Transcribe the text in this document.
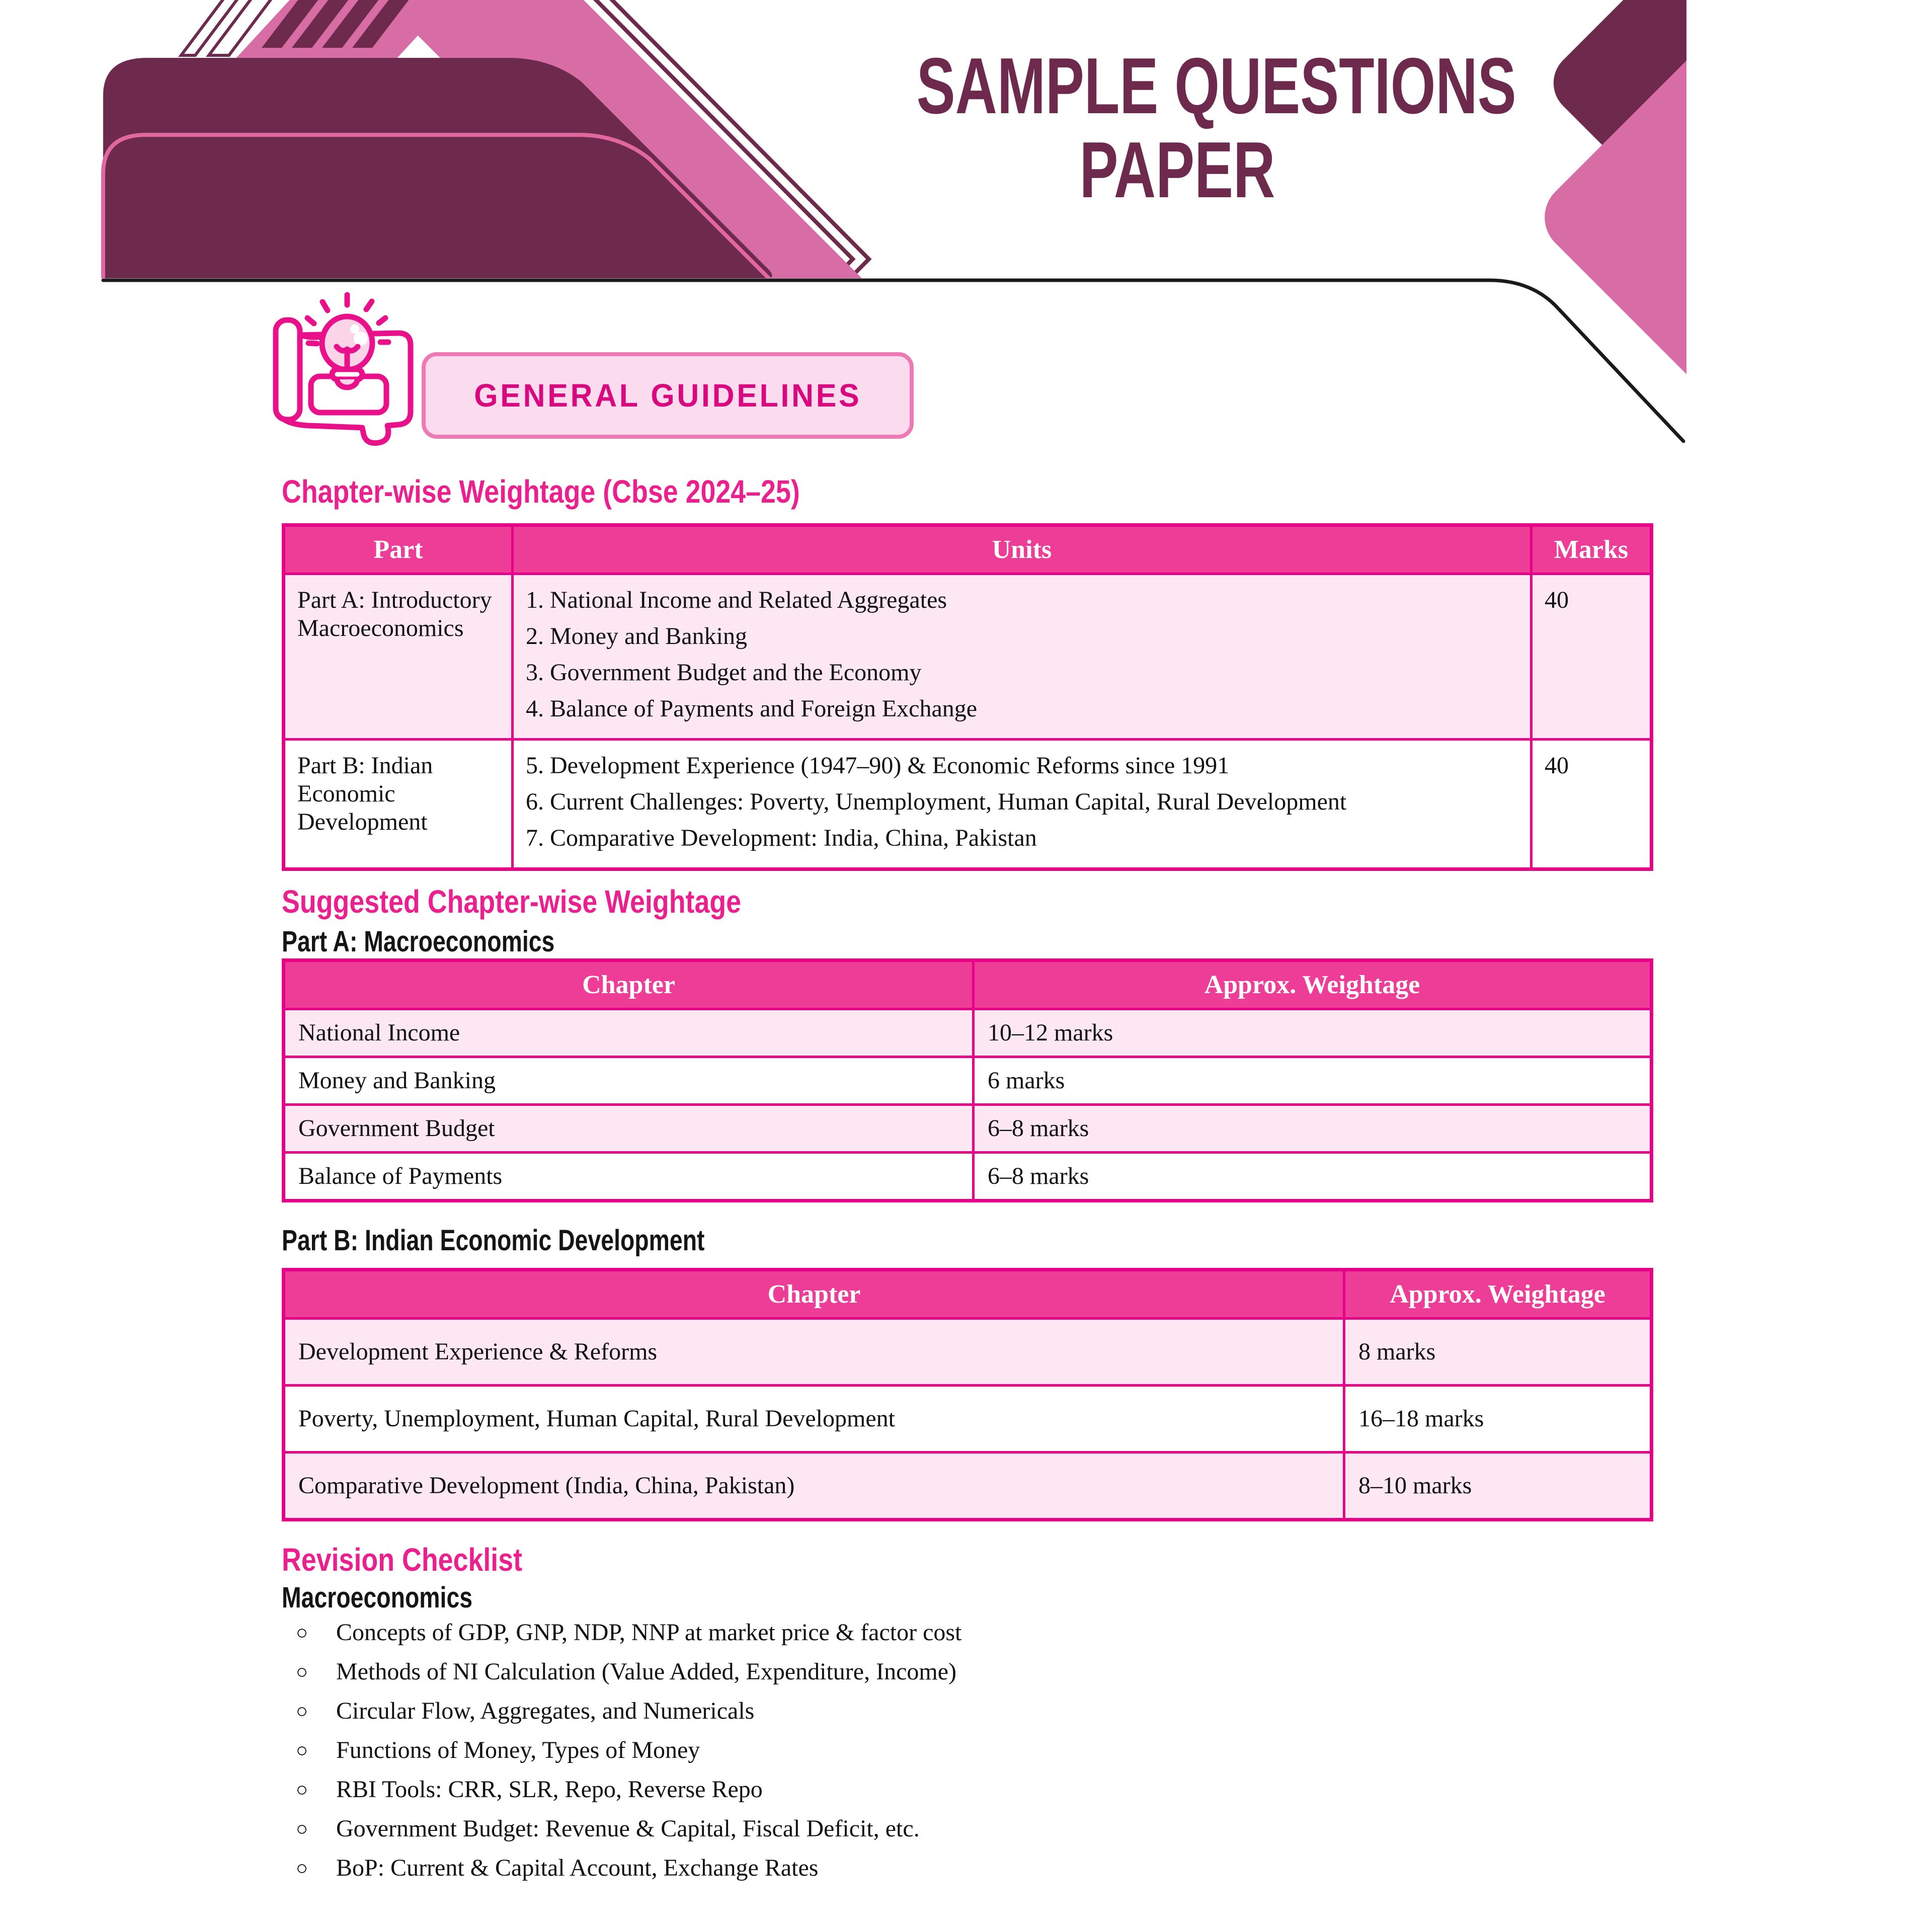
SAMPLE QUESTIONS
PAPER
GENERAL GUIDELINES
Chapter-wise Weightage (Cbse 2024–25)
Part	Units	Marks
Part A: Introductory Macroeconomics	1. National Income and Related Aggregates
2. Money and Banking
3. Government Budget and the Economy
4. Balance of Payments and Foreign Exchange	40
Part B: Indian Economic Development	5. Development Experience (1947–90) & Economic Reforms since 1991
6. Current Challenges: Poverty, Unemployment, Human Capital, Rural Development
7. Comparative Development: India, China, Pakistan	40
Suggested Chapter-wise Weightage
Part A: Macroeconomics
Chapter	Approx. Weightage
National Income	10–12 marks
Money and Banking	6 marks
Government Budget	6–8 marks
Balance of Payments	6–8 marks
Part B: Indian Economic Development
Chapter	Approx. Weightage
Development Experience & Reforms	8 marks
Poverty, Unemployment, Human Capital, Rural Development	16–18 marks
Comparative Development (India, China, Pakistan)	8–10 marks
Revision Checklist
Macroeconomics
○	Concepts of GDP, GNP, NDP, NNP at market price & factor cost
○	Methods of NI Calculation (Value Added, Expenditure, Income)
○	Circular Flow, Aggregates, and Numericals
○	Functions of Money, Types of Money
○	RBI Tools: CRR, SLR, Repo, Reverse Repo
○	Government Budget: Revenue & Capital, Fiscal Deficit, etc.
○	BoP: Current & Capital Account, Exchange Rates
